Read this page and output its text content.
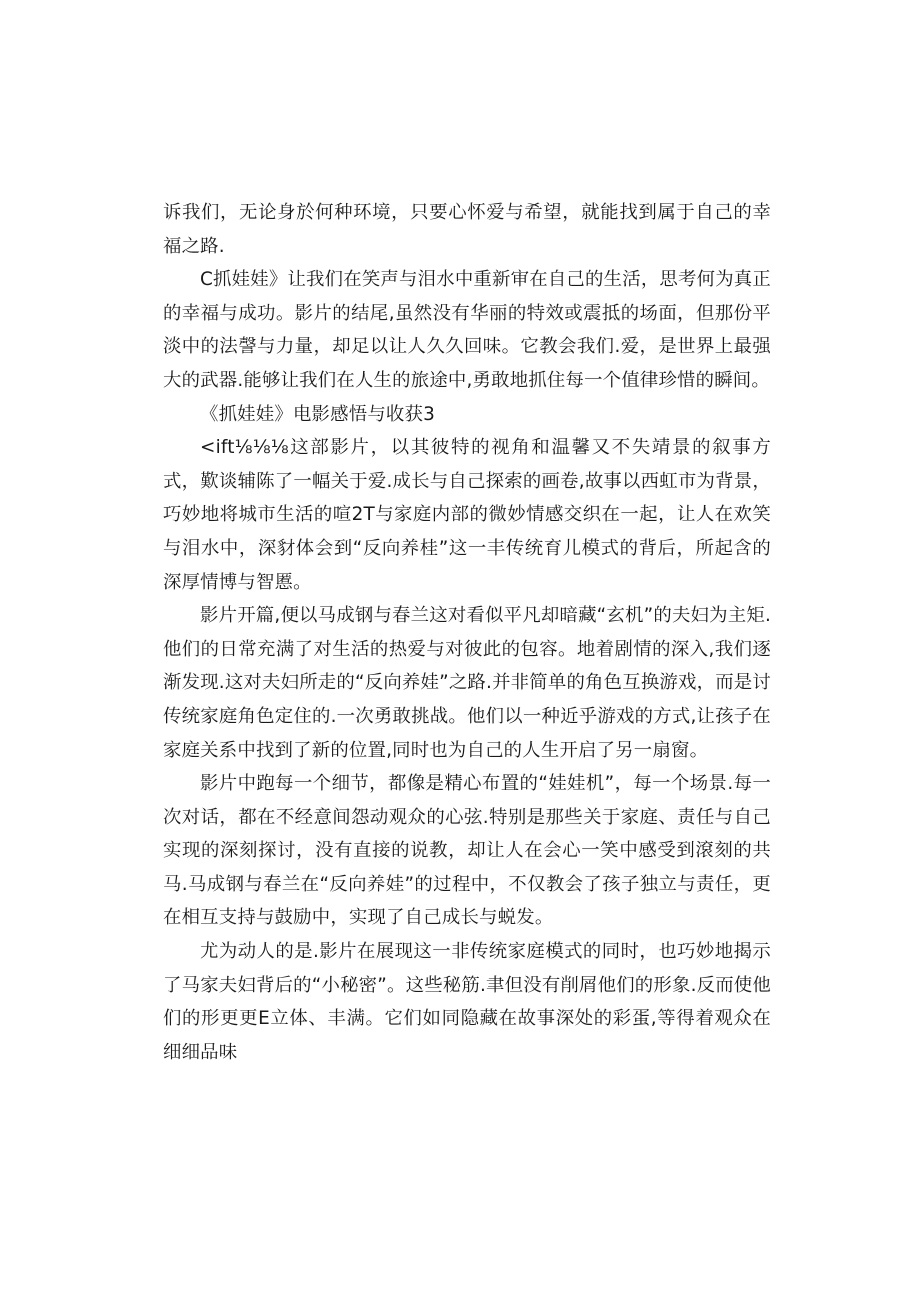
诉我们，无论身於何种环境，只要心怀爱与希望，就能找到属于自己的幸福之路.

C抓娃娃》让我们在笑声与泪水中重新审在自己的生活，思考何为真正的幸福与成功。影片的结尾,虽然没有华丽的特效或震抵的场面，但那份平淡中的法謦与力量，却足以让人久久回味。它教会我们.爱，是世界上最强大的武器.能够让我们在人生的旅途中,勇敢地抓住每一个值律珍惜的瞬间。

《抓娃娃》电影感悟与收获3

<ift⅛⅛⅛这部影片，以其彼特的视角和温馨又不失靖景的叙事方式，歎谈辅陈了一幅关于爱.成长与自己探索的画卷,故事以西虹市为背景，巧妙地将城市生活的喧2T与家庭内部的微妙情感交织在一起，让人在欢笑与泪水中，深豺体会到“反向养桂”这一丰传统育儿模式的背后，所起含的深厚情博与智慝。

影片开篇,便以马成钢与春兰这对看似平凡却暗藏“玄机”的夫妇为主矩.他们的日常充满了对生活的热爱与对彼此的包容。地着剧情的深入,我们逐渐发现.这对夫妇所走的“反向养娃”之路.并非简单的角色互换游戏，而是讨传统家庭角色定住的.一次勇敢挑战。他们以一种近乎游戏的方式,让孩子在家庭关系中找到了新的位置,同时也为自己的人生开启了另一扇窗。

影片中跑每一个细节，都像是精心布置的“娃娃机”，每一个场景.每一次对话，都在不经意间怨动观众的心弦.特别是那些关于家庭、责任与自己实现的深刻探讨，没有直接的说教，却让人在会心一笑中感受到滾刻的共马.马成钢与春兰在“反向养娃”的过程中，不仅教会了孩子独立与责任，更在相互支持与鼓励中，实现了自己成长与蜕发。

尤为动人的是.影片在展现这一非传统家庭模式的同时，也巧妙地揭示了马家夫妇背后的“小秘密”。这些秘筋.聿但没有削屑他们的形象.反而使他们的形更更E立体、丰满。它们如同隐藏在故事深处的彩蛋,等得着观众在细细品味
